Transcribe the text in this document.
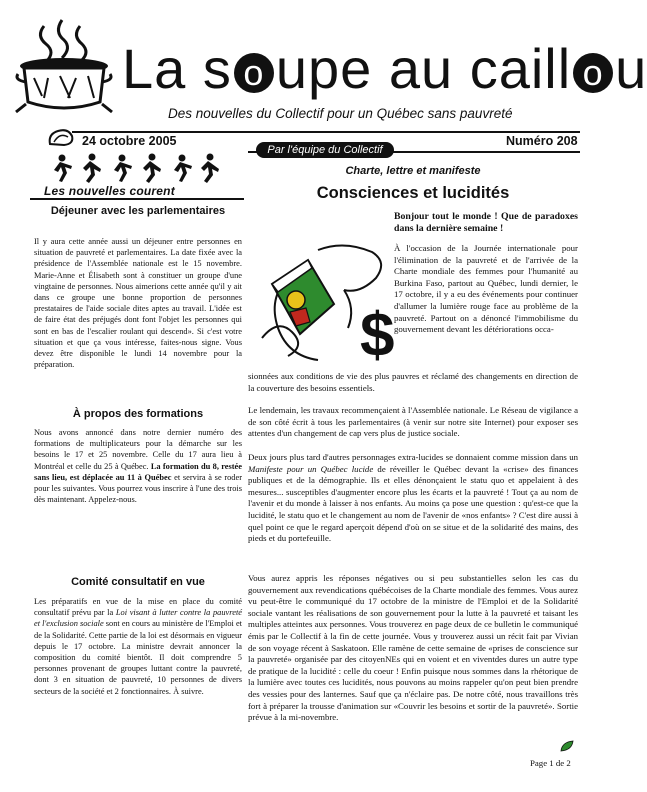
La s o upe au caill o u
Des nouvelles du Collectif pour un Québec sans pauvreté
24 octobre 2005	Numéro 208
Par l'équipe du Collectif
Les nouvelles courent
Déjeuner avec les parlementaires
Il y aura cette année aussi un déjeuner entre personnes en situation de pauvreté et parlementaires. La date fixée avec la présidence de l'Assemblée nationale est le 15 novembre. Marie-Anne et Élisabeth sont à constituer un groupe d'une vingtaine de personnes. Nous aimerions cette année qu'il y ait dans ce groupe une bonne proportion de personnes prestataires de l'aide sociale dites aptes au travail. L'idée est de faire état des préjugés dont font l'objet les personnes qui sont en bas de l'escalier roulant qui descend». Si c'est votre situation et que ça vous intéresse, faites-nous signe. Vous devez être disponible le lundi 14 novembre pour la préparation.
À propos des formations
Nous avons annoncé dans notre dernier numéro des formations de multiplicateurs pour la démarche sur les besoins le 17 et 25 novembre. Celle du 17 aura lieu à Montréal et celle du 25 à Québec. La formation du 8, restée sans lieu, est déplacée au 11 à Québec et servira à se roder pour les suivantes. Vous pourrez vous inscrire à l'une des trois dès maintenant. Appelez-nous.
Comité consultatif en vue
Les préparatifs en vue de la mise en place du comité consultatif prévu par la Loi visant à lutter contre la pauvreté et l'exclusion sociale sont en cours au ministère de l'Emploi et de la Solidarité. Cette partie de la loi est désormais en vigueur depuis le 17 octobre. La ministre devrait annoncer la composition du comité bientôt. Il doit comprendre 5 personnes provenant de groupes luttant contre la pauvreté, dont 3 en situation de pauvreté, 10 personnes de divers secteurs de la société et 2 fonctionnaires. À suivre.
Charte, lettre et manifeste
Consciences et lucidités
$
Bonjour tout le monde ! Que de paradoxes dans la dernière semaine !

À l'occasion de la Journée internationale pour l'élimination de la pauvreté et de l'arrivée de la Charte mondiale des femmes pour l'humanité au Burkina Faso, partout au Québec, lundi dernier, le 17 octobre, il y a eu des événements pour continuer d'allumer la lumière rouge face au problème de la pauvreté. Partout on a dénoncé l'immobilisme du gouvernement devant les détériorations occa-

sionnées aux conditions de vie des plus pauvres et réclamé des changements en direction de la couverture des besoins essentiels.

Le lendemain, les travaux recommençaient à l'Assemblée nationale. Le Réseau de vigilance a de son côté écrit à tous les parlementaires (à venir sur notre site Internet) pour exposer ses attentes d'un changement de cap vers plus de justice sociale.

Deux jours plus tard d'autres personnages extra-lucides se donnaient comme mission dans un Manifeste pour un Québec lucide de réveiller le Québec devant la «crise» des finances publiques et de la démographie. Ils et elles dénonçaient le statu quo et appelaient à des mesures... susceptibles d'augmenter encore plus les écarts et la pauvreté ! Tout ça au nom de l'avenir et du monde à laisser à nos enfants. Au moins ça pose une question : qu'est-ce que la lucidité, le statu quo et le changement au nom de l'avenir de «nos enfants» ? C'est dire aussi à quel point ce que le regard aperçoit dépend d'où on se situe et de la solidarité des mains, des pieds et du portefeuille.

Vous aurez appris les réponses négatives ou si peu substantielles selon les cas du gouvernement aux revendications québécoises de la Charte mondiale des femmes. Vous aurez vu peut-être le communiqué du 17 octobre de la ministre de l'Emploi et de la Solidarité sociale vantant les réalisations de son gouvernement pour la lutte à la pauvreté et taisant les multiples atteintes aux personnes. Vous trouverez en page deux de ce bulletin le communiqué émis par le Collectif à la fin de cette journée. Vous y trouverez aussi un récit fait par Vivian de son voyage récent à Saskatoon. Elle ramène de cette semaine de «prises de conscience sur la pauvreté» organisée par des citoyenNEs qui en voient et en viventdes dures un autre type de pratique de la lucidité : celle du coeur ! Enfin puisque nous sommes dans la rhétorique de la lumière avec toutes ces lucidités, nous pouvons au moins rappeler qu'on peut bien prendre des vessies pour des lanternes. Sauf que ça n'éclaire pas. De notre côté, nous travaillons très fort à préparer la trousse d'animation sur «Couvrir les besoins et sortir de la pauvreté». Sortie prévue à la mi-novembre.

Page 1 de 2
